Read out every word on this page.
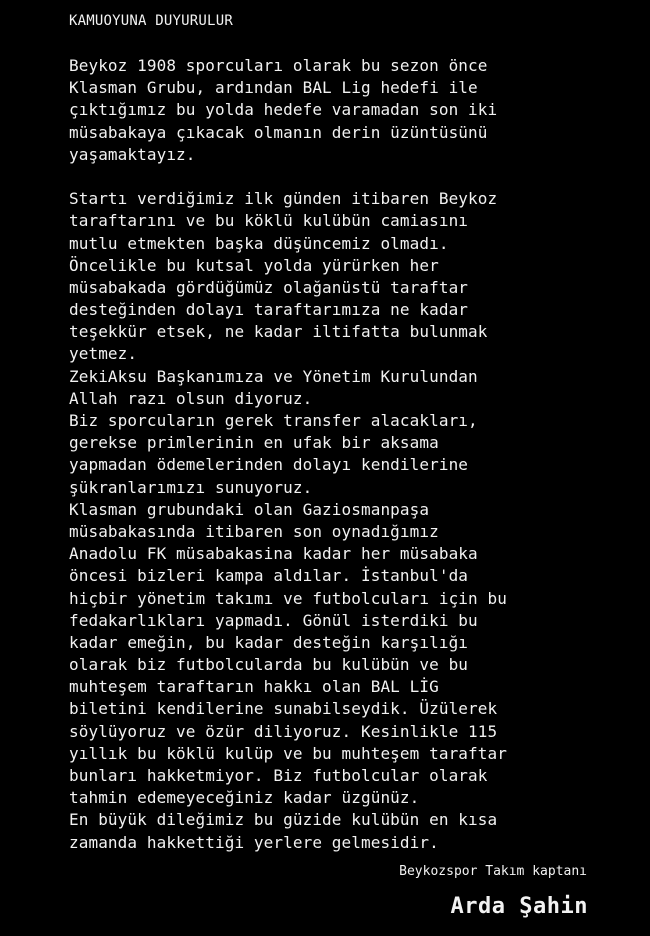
KAMUOYUNA DUYURULUR
Beykoz 1908 sporcuları olarak bu sezon önce
Klasman Grubu, ardından BAL Lig hedefi ile
çıktığımız bu yolda hedefe varamadan son iki
müsabakaya çıkacak olmanın derin üzüntüsünü
yaşamaktayız.
Startı verdiğimiz ilk günden itibaren Beykoz
taraftarını ve bu köklü kulübün camiasını
mutlu etmekten başka düşüncemiz olmadı.
Öncelikle bu kutsal yolda yürürken her
müsabakada gördüğümüz olağanüstü taraftar
desteğinden dolayı taraftarımıza ne kadar
teşekkür etsek, ne kadar iltifatta bulunmak
yetmez.
ZekiAksu Başkanımıza ve Yönetim Kurulundan
Allah razı olsun diyoruz.
Biz sporcuların gerek transfer alacakları,
gerekse primlerinin en ufak bir aksama
yapmadan ödemelerinden dolayı kendilerine
şükranlarımızı sunuyoruz.
Klasman grubundaki olan Gaziosmanpaşa
müsabakasında itibaren son oynadığımız
Anadolu FK müsabakasina kadar her müsabaka
öncesi bizleri kampa aldılar. İstanbul'da
hiçbir yönetim takımı ve futbolcuları için bu
fedakarlıkları yapmadı. Gönül isterdiki bu
kadar emeğin, bu kadar desteğin karşılığı
olarak biz futbolcularda bu kulübün ve bu
muhteşem taraftarın hakkı olan BAL LİG
biletini kendilerine sunabilseydik. Üzülerek
söylüyoruz ve özür diliyoruz. Kesinlikle 115
yıllık bu köklü kulüp ve bu muhteşem taraftar
bunları hakketmiyor. Biz futbolcular olarak
tahmin edemeyeceğiniz kadar üzgünüz.
En büyük dileğimiz bu güzide kulübün en kısa
zamanda hakkettiği yerlere gelmesidir.
Beykozspor Takım kaptanı
Arda Şahin
